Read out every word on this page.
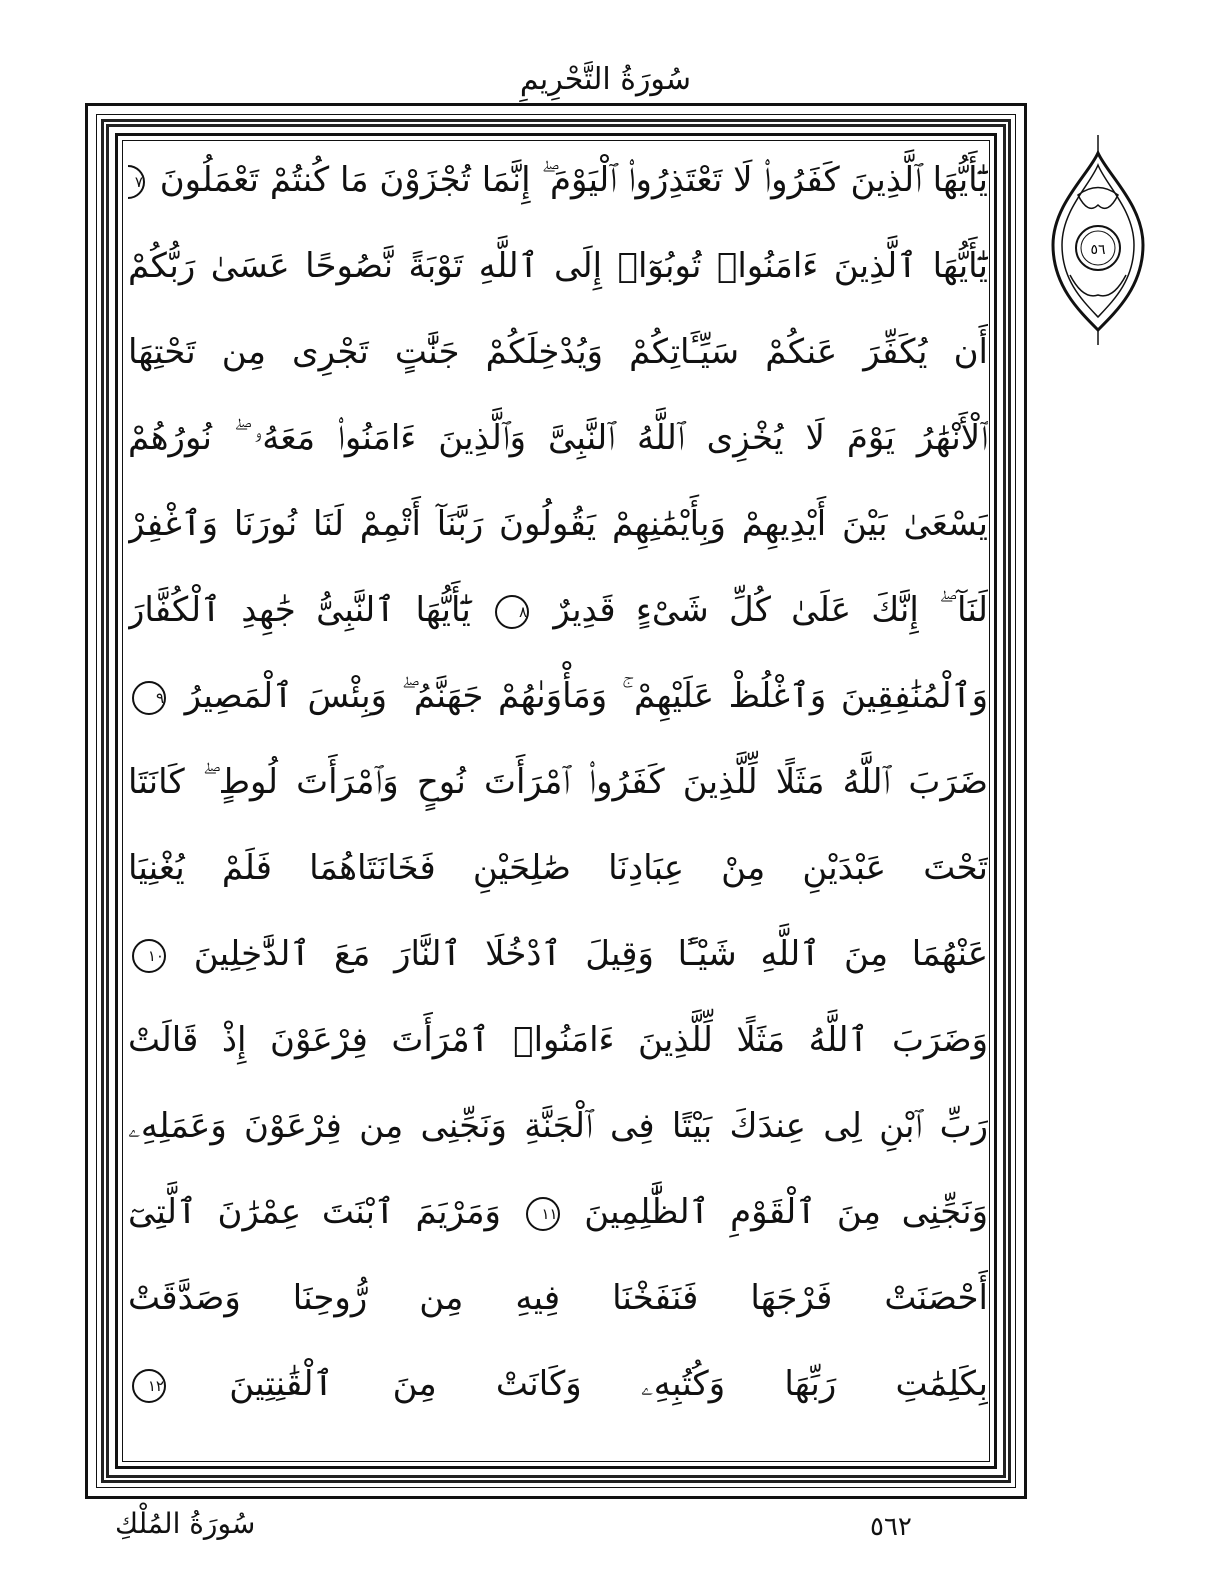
سُورَةُ التَّحْرِيمِ
يَٰٓأَيُّهَا ٱلَّذِينَ كَفَرُوا۟ لَا تَعْتَذِرُوا۟ ٱلْيَوْمَ ۖ إِنَّمَا تُجْزَوْنَ مَا كُنتُمْ تَعْمَلُونَ ٧
يَٰٓأَيُّهَا ٱلَّذِينَ ءَامَنُوا۟ تُوبُوٓا۟ إِلَى ٱللَّهِ تَوْبَةً نَّصُوحًا عَسَىٰ رَبُّكُمْ
أَن يُكَفِّرَ عَنكُمْ سَيِّـَٔاتِكُمْ وَيُدْخِلَكُمْ جَنَّٰتٍ تَجْرِى مِن تَحْتِهَا
ٱلْأَنْهَٰرُ يَوْمَ لَا يُخْزِى ٱللَّهُ ٱلنَّبِىَّ وَٱلَّذِينَ ءَامَنُوا۟ مَعَهُۥ ۖ نُورُهُمْ
يَسْعَىٰ بَيْنَ أَيْدِيهِمْ وَبِأَيْمَٰنِهِمْ يَقُولُونَ رَبَّنَآ أَتْمِمْ لَنَا نُورَنَا وَٱغْفِرْ
لَنَآ ۖ إِنَّكَ عَلَىٰ كُلِّ شَىْءٍ قَدِيرٌ ٨ يَٰٓأَيُّهَا ٱلنَّبِىُّ جَٰهِدِ ٱلْكُفَّارَ
وَٱلْمُنَٰفِقِينَ وَٱغْلُظْ عَلَيْهِمْ ۚ وَمَأْوَىٰهُمْ جَهَنَّمُ ۖ وَبِئْسَ ٱلْمَصِيرُ ٩
ضَرَبَ ٱللَّهُ مَثَلًا لِّلَّذِينَ كَفَرُوا۟ ٱمْرَأَتَ نُوحٍ وَٱمْرَأَتَ لُوطٍ ۖ كَانَتَا
تَحْتَ عَبْدَيْنِ مِنْ عِبَادِنَا صَٰلِحَيْنِ فَخَانَتَاهُمَا فَلَمْ يُغْنِيَا
عَنْهُمَا مِنَ ٱللَّهِ شَيْـًٔا وَقِيلَ ٱدْخُلَا ٱلنَّارَ مَعَ ٱلدَّٰخِلِينَ ١٠
وَضَرَبَ ٱللَّهُ مَثَلًا لِّلَّذِينَ ءَامَنُوا۟ ٱمْرَأَتَ فِرْعَوْنَ إِذْ قَالَتْ
رَبِّ ٱبْنِ لِى عِندَكَ بَيْتًا فِى ٱلْجَنَّةِ وَنَجِّنِى مِن فِرْعَوْنَ وَعَمَلِهِۦ
وَنَجِّنِى مِنَ ٱلْقَوْمِ ٱلظَّٰلِمِينَ ١١ وَمَرْيَمَ ٱبْنَتَ عِمْرَٰنَ ٱلَّتِىٓ
أَحْصَنَتْ فَرْجَهَا فَنَفَخْنَا فِيهِ مِن رُّوحِنَا وَصَدَّقَتْ
بِكَلِمَٰتِ رَبِّهَا وَكُتُبِهِۦ وَكَانَتْ مِنَ ٱلْقَٰنِتِينَ ١٢
٥٦
سُورَةُ المُلْكِ	٥٦٢
